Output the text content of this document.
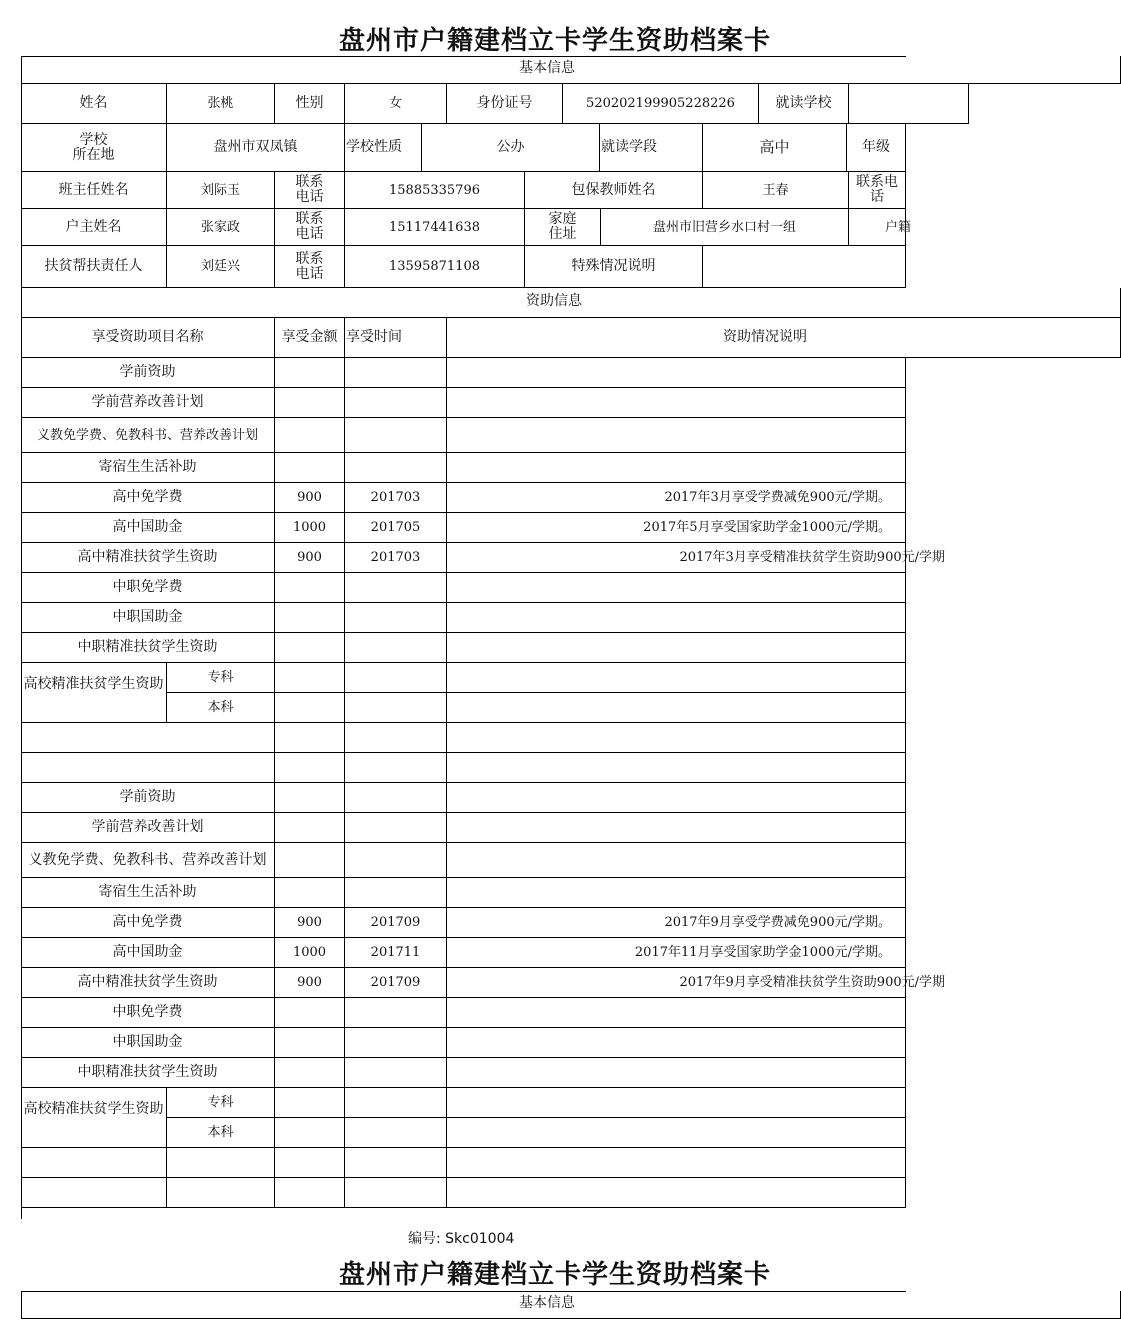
盘州市户籍建档立卡学生资助档案卡
基本信息
姓名	张桃	性别	女	身份证号	520202199905228226	就读学校
学校
所在地	盘州市双凤镇	学校性质	公办	就读学段	高中	年级
班主任姓名	刘际玉	联系
电话	15885335796	包保教师姓名	王春	联系电
话
户主姓名	张家政	联系
电话	15117441638	家庭
住址	盘州市旧营乡水口村一组	户籍
扶贫帮扶责任人	刘廷兴	联系
电话	13595871108	特殊情况说明
资助信息
享受资助项目名称	享受金额 享受时间	资助情况说明
学前资助
学前营养改善计划
义教免学费、免教科书、营养改善计划
寄宿生生活补助
高中免学费	900	201703	2017年3月享受学费减免900元/学期。
高中国助金	1000	201705	2017年5月享受国家助学金1000元/学期。
高中精准扶贫学生资助	900	201703	2017年3月享受精准扶贫学生资助900元/学期
中职免学费
中职国助金
中职精准扶贫学生资助
高校精准扶贫学生资助	专科
本科
学前资助
学前营养改善计划
义教免学费、免教科书、营养改善计划
寄宿生生活补助
高中免学费	900	201709	2017年9月享受学费减免900元/学期。
高中国助金	1000	201711	2017年11月享受国家助学金1000元/学期。
高中精准扶贫学生资助	900	201709	2017年9月享受精准扶贫学生资助900元/学期
中职免学费
中职国助金
中职精准扶贫学生资助
高校精准扶贫学生资助	专科
本科
编号: Skc01004
盘州市户籍建档立卡学生资助档案卡
基本信息
